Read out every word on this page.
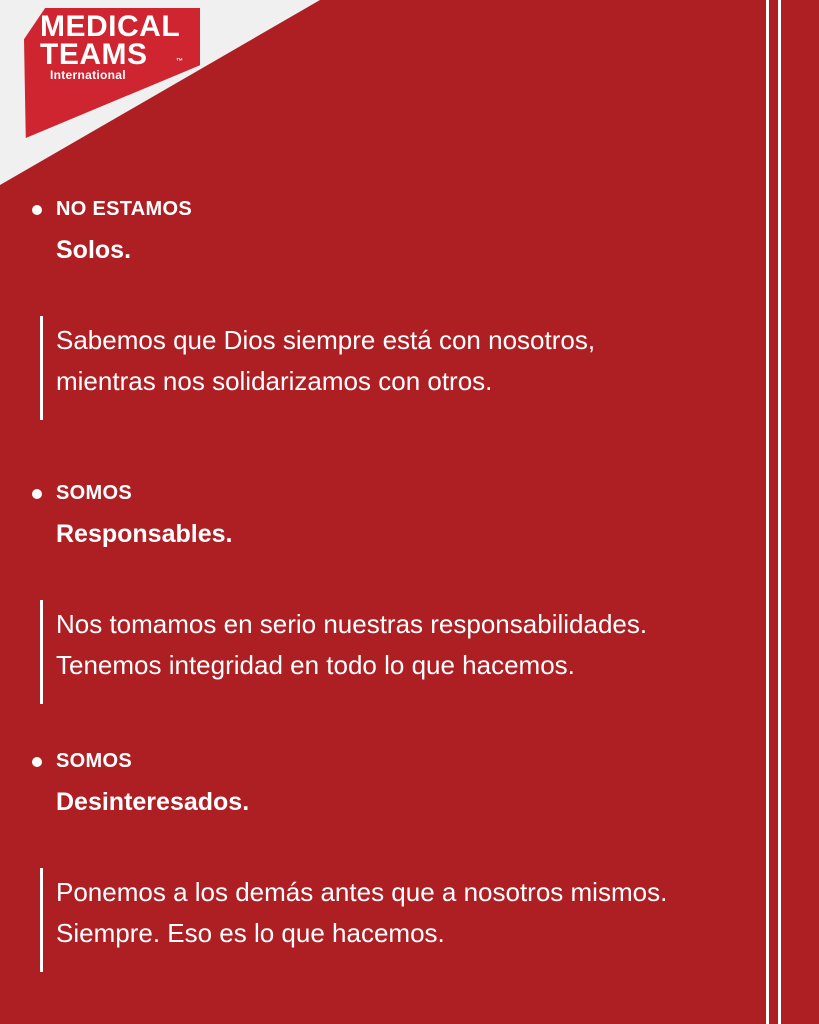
MEDICAL
TEAMS
International
™
NO ESTAMOS
Solos.
Sabemos que Dios siempre está con nosotros,
mientras nos solidarizamos con otros.
SOMOS
Responsables.
Nos tomamos en serio nuestras responsabilidades.
Tenemos integridad en todo lo que hacemos.
SOMOS
Desinteresados.
Ponemos a los demás antes que a nosotros mismos.
Siempre. Eso es lo que hacemos.
